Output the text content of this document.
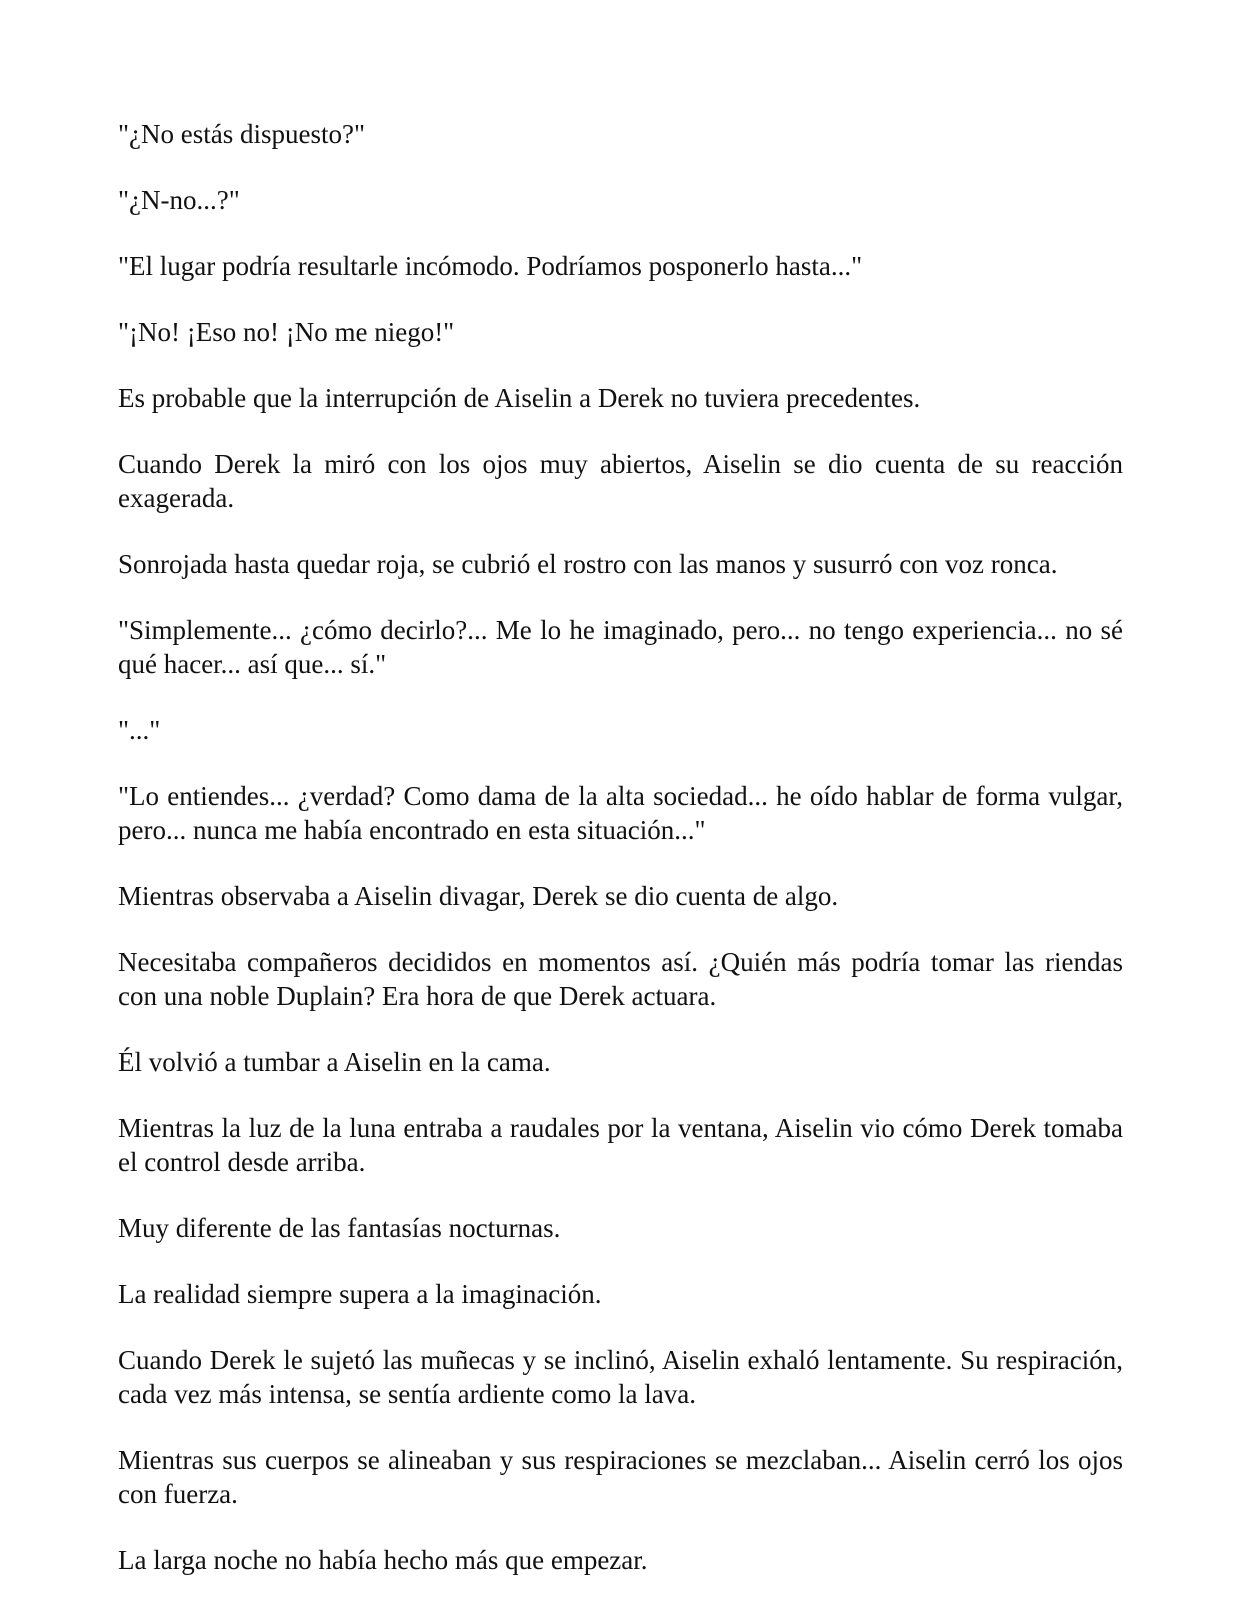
"¿No estás dispuesto?"

"¿N-no...?"

"El lugar podría resultarle incómodo. Podríamos posponerlo hasta..."

"¡No! ¡Eso no! ¡No me niego!"

Es probable que la interrupción de Aiselin a Derek no tuviera precedentes.

Cuando Derek la miró con los ojos muy abiertos, Aiselin se dio cuenta de su reacción exagerada.

Sonrojada hasta quedar roja, se cubrió el rostro con las manos y susurró con voz ronca.

"Simplemente... ¿cómo decirlo?... Me lo he imaginado, pero... no tengo experiencia... no sé qué hacer... así que... sí."

"..."

"Lo entiendes... ¿verdad? Como dama de la alta sociedad... he oído hablar de forma vulgar, pero... nunca me había encontrado en esta situación..."

Mientras observaba a Aiselin divagar, Derek se dio cuenta de algo.

Necesitaba compañeros decididos en momentos así. ¿Quién más podría tomar las riendas con una noble Duplain? Era hora de que Derek actuara.

Él volvió a tumbar a Aiselin en la cama.

Mientras la luz de la luna entraba a raudales por la ventana, Aiselin vio cómo Derek tomaba el control desde arriba.

Muy diferente de las fantasías nocturnas.

La realidad siempre supera a la imaginación.

Cuando Derek le sujetó las muñecas y se inclinó, Aiselin exhaló lentamente. Su respiración, cada vez más intensa, se sentía ardiente como la lava.

Mientras sus cuerpos se alineaban y sus respiraciones se mezclaban... Aiselin cerró los ojos con fuerza.

La larga noche no había hecho más que empezar.
